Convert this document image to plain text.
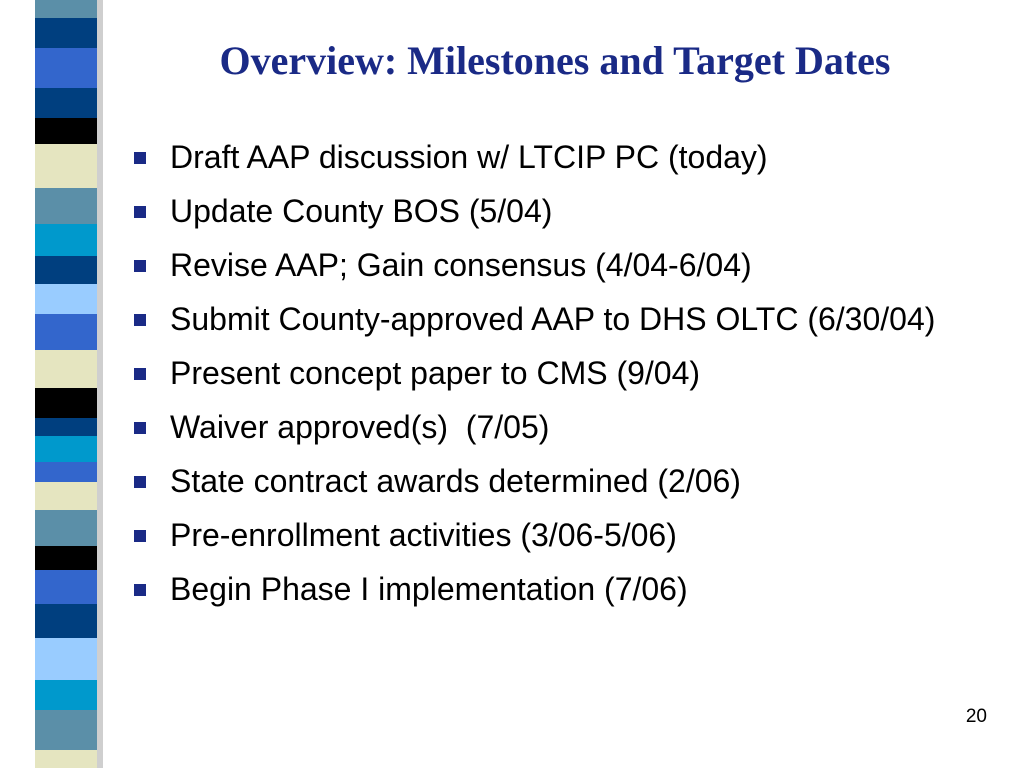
Overview: Milestones and Target Dates
Draft AAP discussion w/ LTCIP PC (today)
Update County BOS (5/04)
Revise AAP; Gain consensus (4/04-6/04)
Submit County-approved AAP to DHS OLTC (6/30/04)
Present concept paper to CMS (9/04)
Waiver approved(s)  (7/05)
State contract awards determined (2/06)
Pre-enrollment activities (3/06-5/06)
Begin Phase I implementation (7/06)
20
